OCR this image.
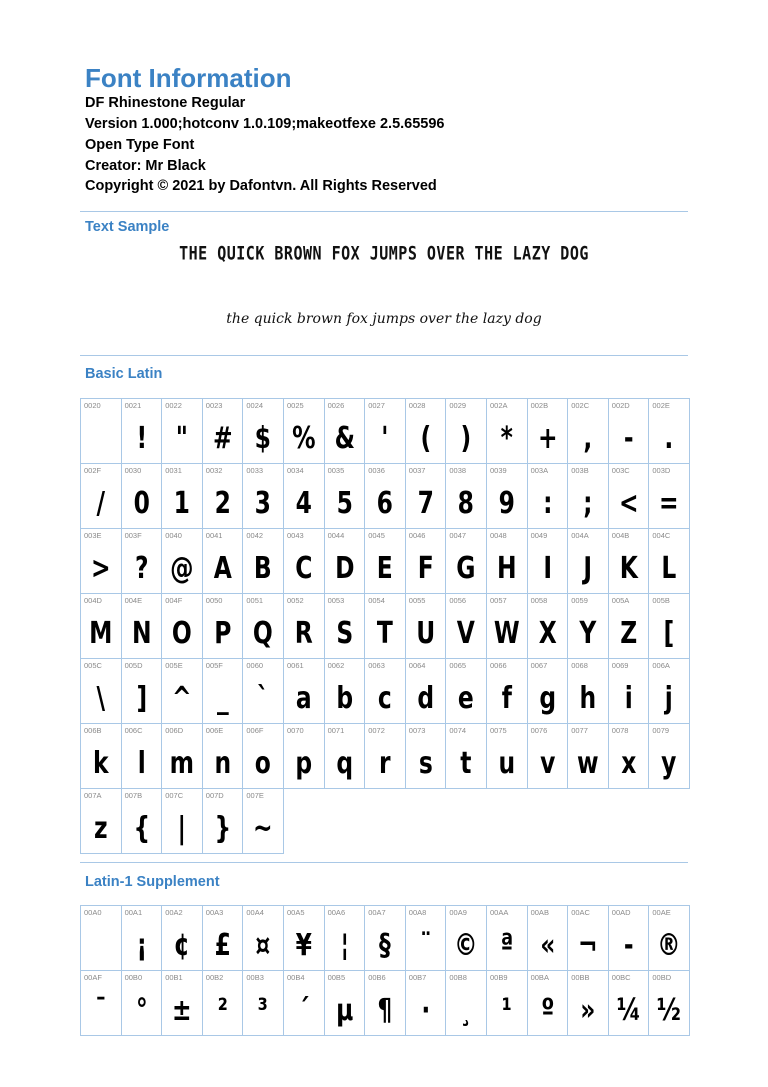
Font Information
DF Rhinestone Regular
Version 1.000;hotconv 1.0.109;makeotfexe 2.5.65596
Open Type Font
Creator: Mr Black
Copyright © 2021 by Dafontvn. All Rights Reserved
Text Sample
THE QUICK BROWN FOX JUMPS OVER THE LAZY DOG
the quick brown fox jumps over the lazy dog
Basic Latin
0020	0021
!
0022
"
0023
#
0024
$
0025
%
0026
&
0027
'
0028
(
0029
)
002A
*
002B
+
002C
,
002D
-
002E
.
002F
/
0030
0
0031
1
0032
2
0033
3
0034
4
0035
5
0036
6
0037
7
0038
8
0039
9
003A
:
003B
;
003C
<
003D
=
003E
>
003F
?
0040
@
0041
A
0042
B
0043
C
0044
D
0045
E
0046
F
0047
G
0048
H
0049
I
004A
J
004B
K
004C
L
004D
M
004E
N
004F
O
0050
P
0051
Q
0052
R
0053
S
0054
T
0055
U
0056
V
0057
W
0058
X
0059
Y
005A
Z
005B
[
005C
\
005D
]
005E
^
005F
_
0060
`
0061
a
0062
b
0063
c
0064
d
0065
e
0066
f
0067
g
0068
h
0069
i
006A
j
006B
k
006C
l
006D
m
006E
n
006F
o
0070
p
0071
q
0072
r
0073
s
0074
t
0075
u
0076
v
0077
w
0078
x
0079
y
007A
z
007B
{
007C
|
007D
}
007E
~
Latin-1 Supplement
00A0	00A1
¡
00A2
¢
00A3
£
00A4
¤
00A5
¥
00A6
¦
00A7
§
00A8
¨
00A9
©
00AA
ª
00AB
«
00AC
¬
00AD
-
00AE
®
00AF
¯
00B0
°
00B1
±
00B2
²
00B3
³
00B4
´
00B5
µ
00B6
¶
00B7
·
00B8
¸
00B9
¹
00BA
º
00BB
»
00BC
¼
00BD
½
